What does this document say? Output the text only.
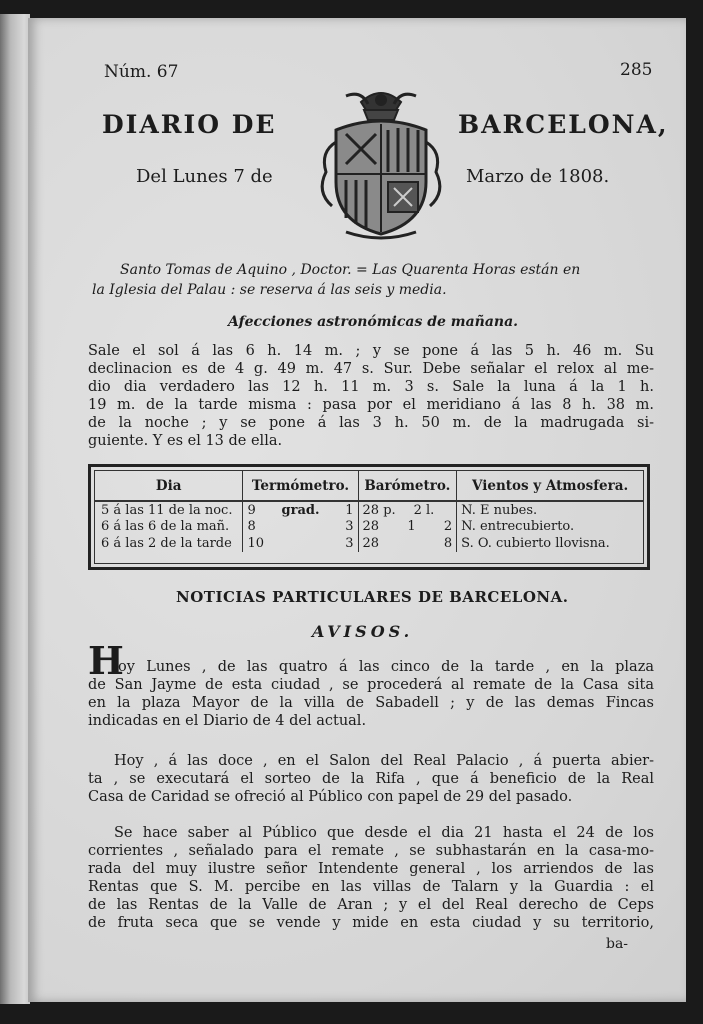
Núm. 67	285
DIARIO DE	BARCELONA,
Del Lunes 7 de	Marzo de 1808.
Santo Tomas de Aquino , Doctor. = Las Quarenta Horas están en
la Iglesia del Palau : se reserva á las seis y media.
Afecciones astronómicas de mañana.
Sale el sol á las 6 h. 14 m. ; y se pone á las 5 h. 46 m. Su
declinacion es de 4 g. 49 m. 47 s. Sur. Debe señalar el relox al me-
dio dia verdadero las 12 h. 11 m. 3 s. Sale la luna á la 1 h.
19 m. de la tarde misma : pasa por el meridiano á las 8 h. 38 m.
de la noche ; y se pone á las 3 h. 50 m. de la madrugada si-
guiente. Y es el 13 de ella.
Dia	Termómetro.	Barómetro.	Vientos y Atmosfera.
5 á las 11 de la noc.	9 grad. 1	28 p. 2 l.	N. E nubes.
6 á las 6 de la mañ.	8 3	28 1 2	N. entrecubierto.
6 á las 2 de la tarde	10 3	28 8	S. O. cubierto llovisna.
NOTICIAS PARTICULARES DE BARCELONA.
AVISOS.
H
oy Lunes , de las quatro á las cinco de la tarde , en la plaza
de San Jayme de esta ciudad , se procederá al remate de la Casa sita
en la plaza Mayor de la villa de Sabadell ; y de las demas Fincas
indicadas en el Diario de 4 del actual.
Hoy , á las doce , en el Salon del Real Palacio , á puerta abier-
ta , se executará el sorteo de la Rifa , que á beneficio de la Real
Casa de Caridad se ofreció al Público con papel de 29 del pasado.
Se hace saber al Público que desde el dia 21 hasta el 24 de los
corrientes , señalado para el remate , se subhastarán en la casa-mo-
rada del muy ilustre señor Intendente general , los arriendos de las
Rentas que S. M. percibe en las villas de Talarn y la Guardia : el
de las Rentas de la Valle de Aran ; y el del Real derecho de Ceps
de fruta seca que se vende y mide en esta ciudad y su territorio,
ba-
